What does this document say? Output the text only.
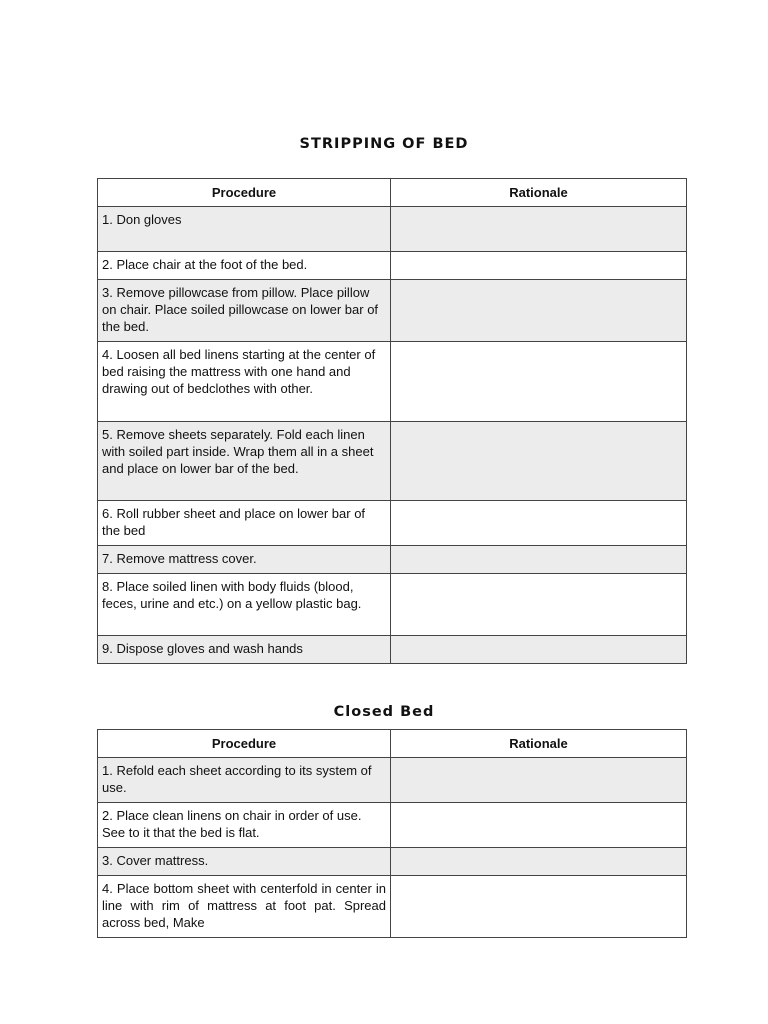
STRIPPING OF BED
Procedure	Rationale

1. Don gloves	

2. Place chair at the foot of the bed.	

3. Remove pillowcase from pillow. Place pillow on chair. Place soiled pillowcase on lower bar of the bed.	

4. Loosen all bed linens starting at the center of bed raising the mattress with one hand and drawing out of bedclothes with other.	

5. Remove sheets separately. Fold each linen with soiled part inside. Wrap them all in a sheet and place on lower bar of the bed.	

6. Roll rubber sheet and place on lower bar of the bed	

7. Remove mattress cover.	

8. Place soiled linen with body fluids (blood, feces, urine and etc.) on a yellow plastic bag.	

9. Dispose gloves and wash hands	

Closed Bed
Procedure	Rationale

1. Refold each sheet according to its system of use.	

2. Place clean linens on chair in order of use. See to it that the bed is flat.	

3. Cover mattress.	

4. Place bottom sheet with centerfold in center in line with rim of mattress at foot pat. Spread across bed, Make	
